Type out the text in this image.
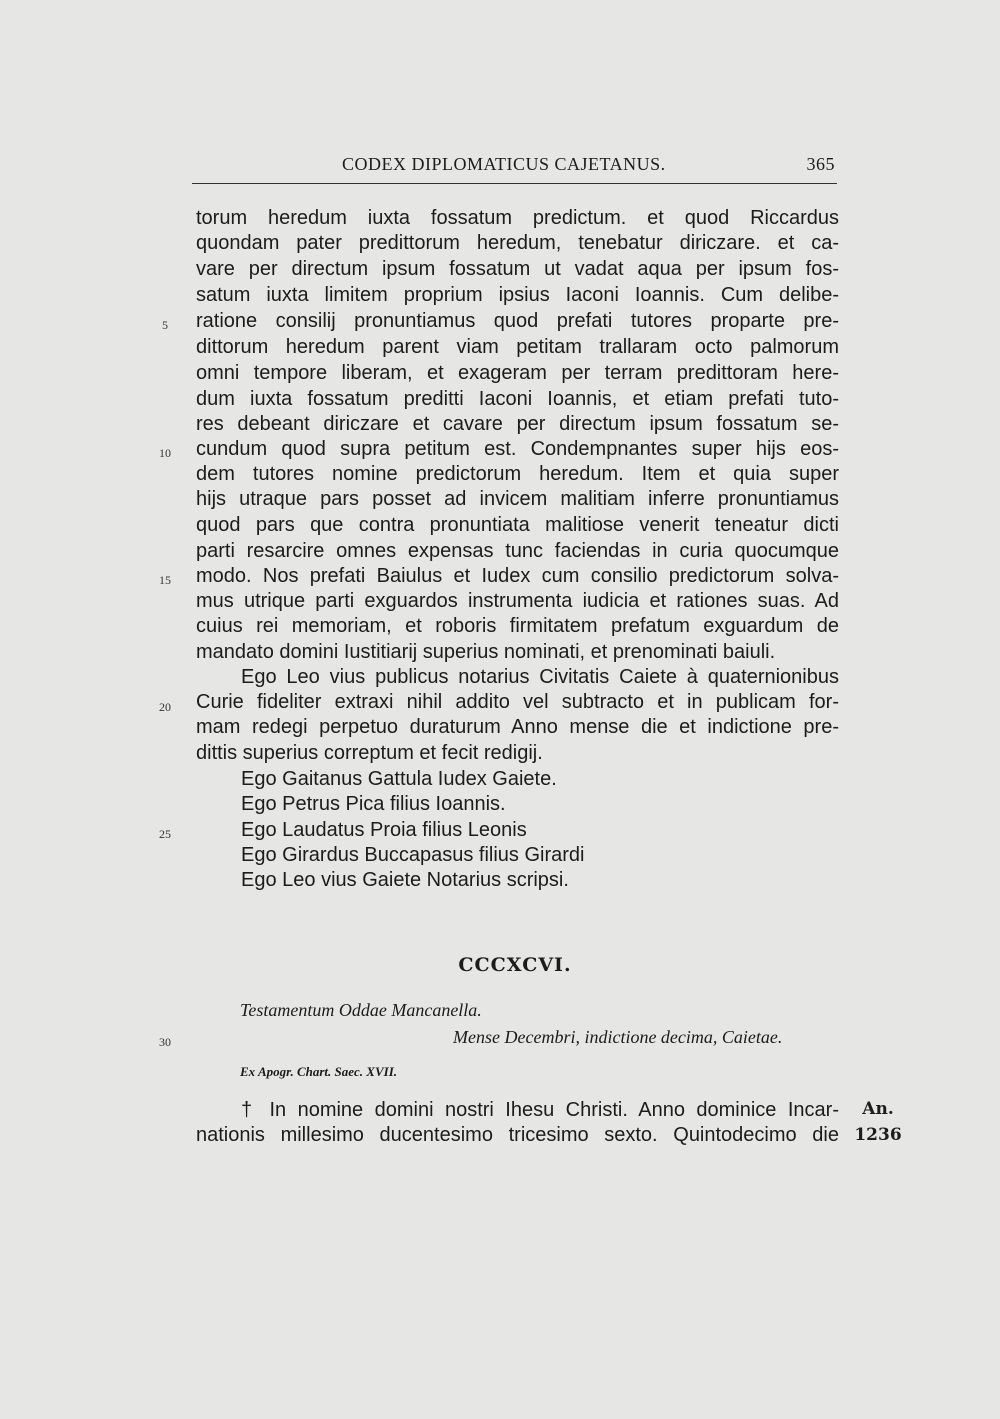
CODEX DIPLOMATICUS CAJETANUS.	365
torum heredum iuxta fossatum predictum. et quod Riccardus
quondam pater predittorum heredum, tenebatur diriczare. et ca-
vare per directum ipsum fossatum ut vadat aqua per ipsum fos-
satum iuxta limitem proprium ipsius Iaconi Ioannis. Cum delibe-
ratione consilij pronuntiamus quod prefati tutores proparte pre-
dittorum heredum parent viam petitam trallaram octo palmorum
omni tempore liberam, et exageram per terram predittoram here-
dum iuxta fossatum preditti Iaconi Ioannis, et etiam prefati tuto-
res debeant diriczare et cavare per directum ipsum fossatum se-
cundum quod supra petitum est. Condempnantes super hijs eos-
dem tutores nomine predictorum heredum. Item et quia super
hijs utraque pars posset ad invicem malitiam inferre pronuntiamus
quod pars que contra pronuntiata malitiose venerit teneatur dicti
parti resarcire omnes expensas tunc faciendas in curia quocumque
modo. Nos prefati Baiulus et Iudex cum consilio predictorum solva-
mus utrique parti exguardos instrumenta iudicia et rationes suas. Ad
cuius rei memoriam, et roboris firmitatem prefatum exguardum de
mandato domini Iustitiarij superius nominati, et prenominati baiuli.
Ego Leo vius publicus notarius Civitatis Caiete à quaternionibus
Curie fideliter extraxi nihil addito vel subtracto et in publicam for-
mam redegi perpetuo duraturum Anno mense die et indictione pre-
dittis superius correptum et fecit redigij.
Ego Gaitanus Gattula Iudex Gaiete.
Ego Petrus Pica filius Ioannis.
Ego Laudatus Proia filius Leonis
Ego Girardus Buccapasus filius Girardi
Ego Leo vius Gaiete Notarius scripsi.
5
10
15
20
25
30
CCCXCVI.
Testamentum Oddae Mancanella.
Mense Decembri, indictione decima, Caietae.
Ex Apogr. Chart. Saec. XVII.
† In nomine domini nostri Ihesu Christi. Anno dominice Incar-
nationis millesimo ducentesimo tricesimo sexto. Quintodecimo die
An.
1236
